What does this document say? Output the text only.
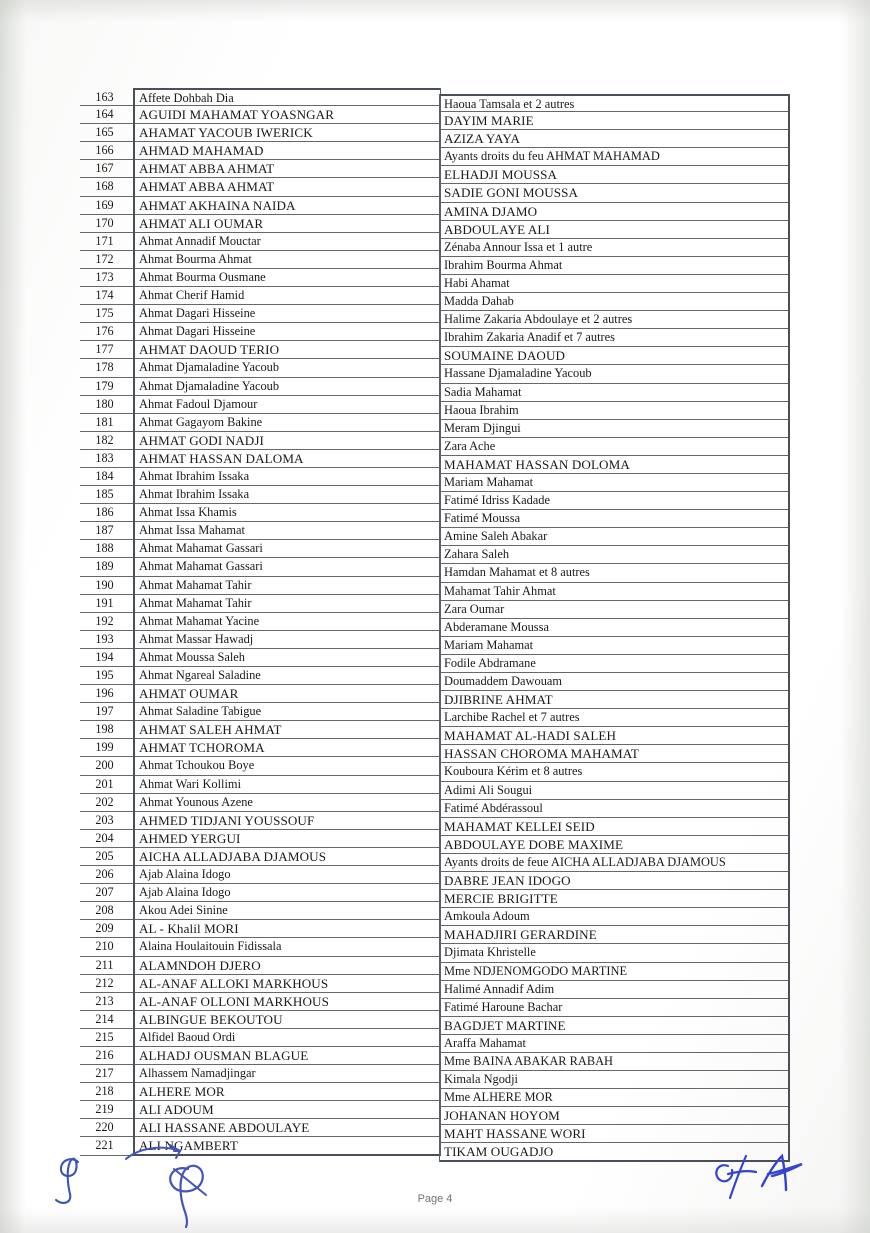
163
164
165
166
167
168
169
170
171
172
173
174
175
176
177
178
179
180
181
182
183
184
185
186
187
188
189
190
191
192
193
194
195
196
197
198
199
200
201
202
203
204
205
206
207
208
209
210
211
212
213
214
215
216
217
218
219
220
221
Affete Dohbah Dia
AGUIDI MAHAMAT YOASNGAR
AHAMAT YACOUB IWERICK
AHMAD MAHAMAD
AHMAT ABBA AHMAT
AHMAT ABBA AHMAT
AHMAT AKHAINA NAIDA
AHMAT ALI OUMAR
Ahmat Annadif Mouctar
Ahmat Bourma Ahmat
Ahmat Bourma Ousmane
Ahmat Cherif Hamid
Ahmat Dagari Hisseine
Ahmat Dagari Hisseine
AHMAT DAOUD TERIO
Ahmat Djamaladine Yacoub
Ahmat Djamaladine Yacoub
Ahmat Fadoul Djamour
Ahmat Gagayom Bakine
AHMAT GODI NADJI
AHMAT HASSAN DALOMA
Ahmat Ibrahim Issaka
Ahmat Ibrahim Issaka
Ahmat Issa Khamis
Ahmat Issa Mahamat
Ahmat Mahamat Gassari
Ahmat Mahamat Gassari
Ahmat Mahamat Tahir
Ahmat Mahamat Tahir
Ahmat Mahamat Yacine
Ahmat Massar Hawadj
Ahmat Moussa Saleh
Ahmat Ngareal Saladine
AHMAT OUMAR
Ahmat Saladine Tabigue
AHMAT SALEH AHMAT
AHMAT TCHOROMA
Ahmat Tchoukou Boye
Ahmat Wari Kollimi
Ahmat Younous Azene
AHMED TIDJANI YOUSSOUF
AHMED YERGUI
AICHA ALLADJABA DJAMOUS
Ajab Alaina Idogo
Ajab Alaina Idogo
Akou Adei Sinine
AL - Khalil MORI
Alaina Houlaitouin Fidissala
ALAMNDOH DJERO
AL-ANAF ALLOKI MARKHOUS
AL-ANAF OLLONI MARKHOUS
ALBINGUE BEKOUTOU
Alfidel Baoud Ordi
ALHADJ OUSMAN BLAGUE
Alhassem Namadjingar
ALHERE MOR
ALI ADOUM
ALI HASSANE ABDOULAYE
ALI NGAMBERT
Haoua Tamsala et 2 autres
DAYIM MARIE
AZIZA YAYA
Ayants droits du feu AHMAT MAHAMAD
ELHADJI MOUSSA
SADIE GONI MOUSSA
AMINA DJAMO
ABDOULAYE ALI
Zénaba Annour Issa et 1 autre
Ibrahim Bourma Ahmat
Habi Ahamat
Madda Dahab
Halime Zakaria Abdoulaye et 2 autres
Ibrahim Zakaria Anadif et 7 autres
SOUMAINE DAOUD
Hassane Djamaladine Yacoub
Sadia Mahamat
Haoua Ibrahim
Meram Djingui
Zara Ache
MAHAMAT HASSAN DOLOMA
Mariam Mahamat
Fatimé Idriss Kadade
Fatimé Moussa
Amine Saleh Abakar
Zahara Saleh
Hamdan Mahamat et 8 autres
Mahamat Tahir Ahmat
Zara Oumar
Abderamane Moussa
Mariam Mahamat
Fodile Abdramane
Doumaddem Dawouam
DJIBRINE AHMAT
Larchibe Rachel et 7 autres
MAHAMAT AL-HADI SALEH
HASSAN CHOROMA MAHAMAT
Kouboura Kérim et 8 autres
Adimi Ali Sougui
Fatimé Abdérassoul
MAHAMAT KELLEI SEID
ABDOULAYE DOBE MAXIME
Ayants droits de feue AICHA ALLADJABA DJAMOUS
DABRE JEAN IDOGO
MERCIE BRIGITTE
Amkoula Adoum
MAHADJIRI GERARDINE
Djimata Khristelle
Mme NDJENOMGODO MARTINE
Halimé Annadif Adim
Fatimé Haroune Bachar
BAGDJET MARTINE
Araffa Mahamat
Mme BAINA ABAKAR RABAH
Kimala Ngodji
Mme ALHERE MOR
JOHANAN HOYOM
MAHT HASSANE WORI
TIKAM OUGADJO
Page 4
